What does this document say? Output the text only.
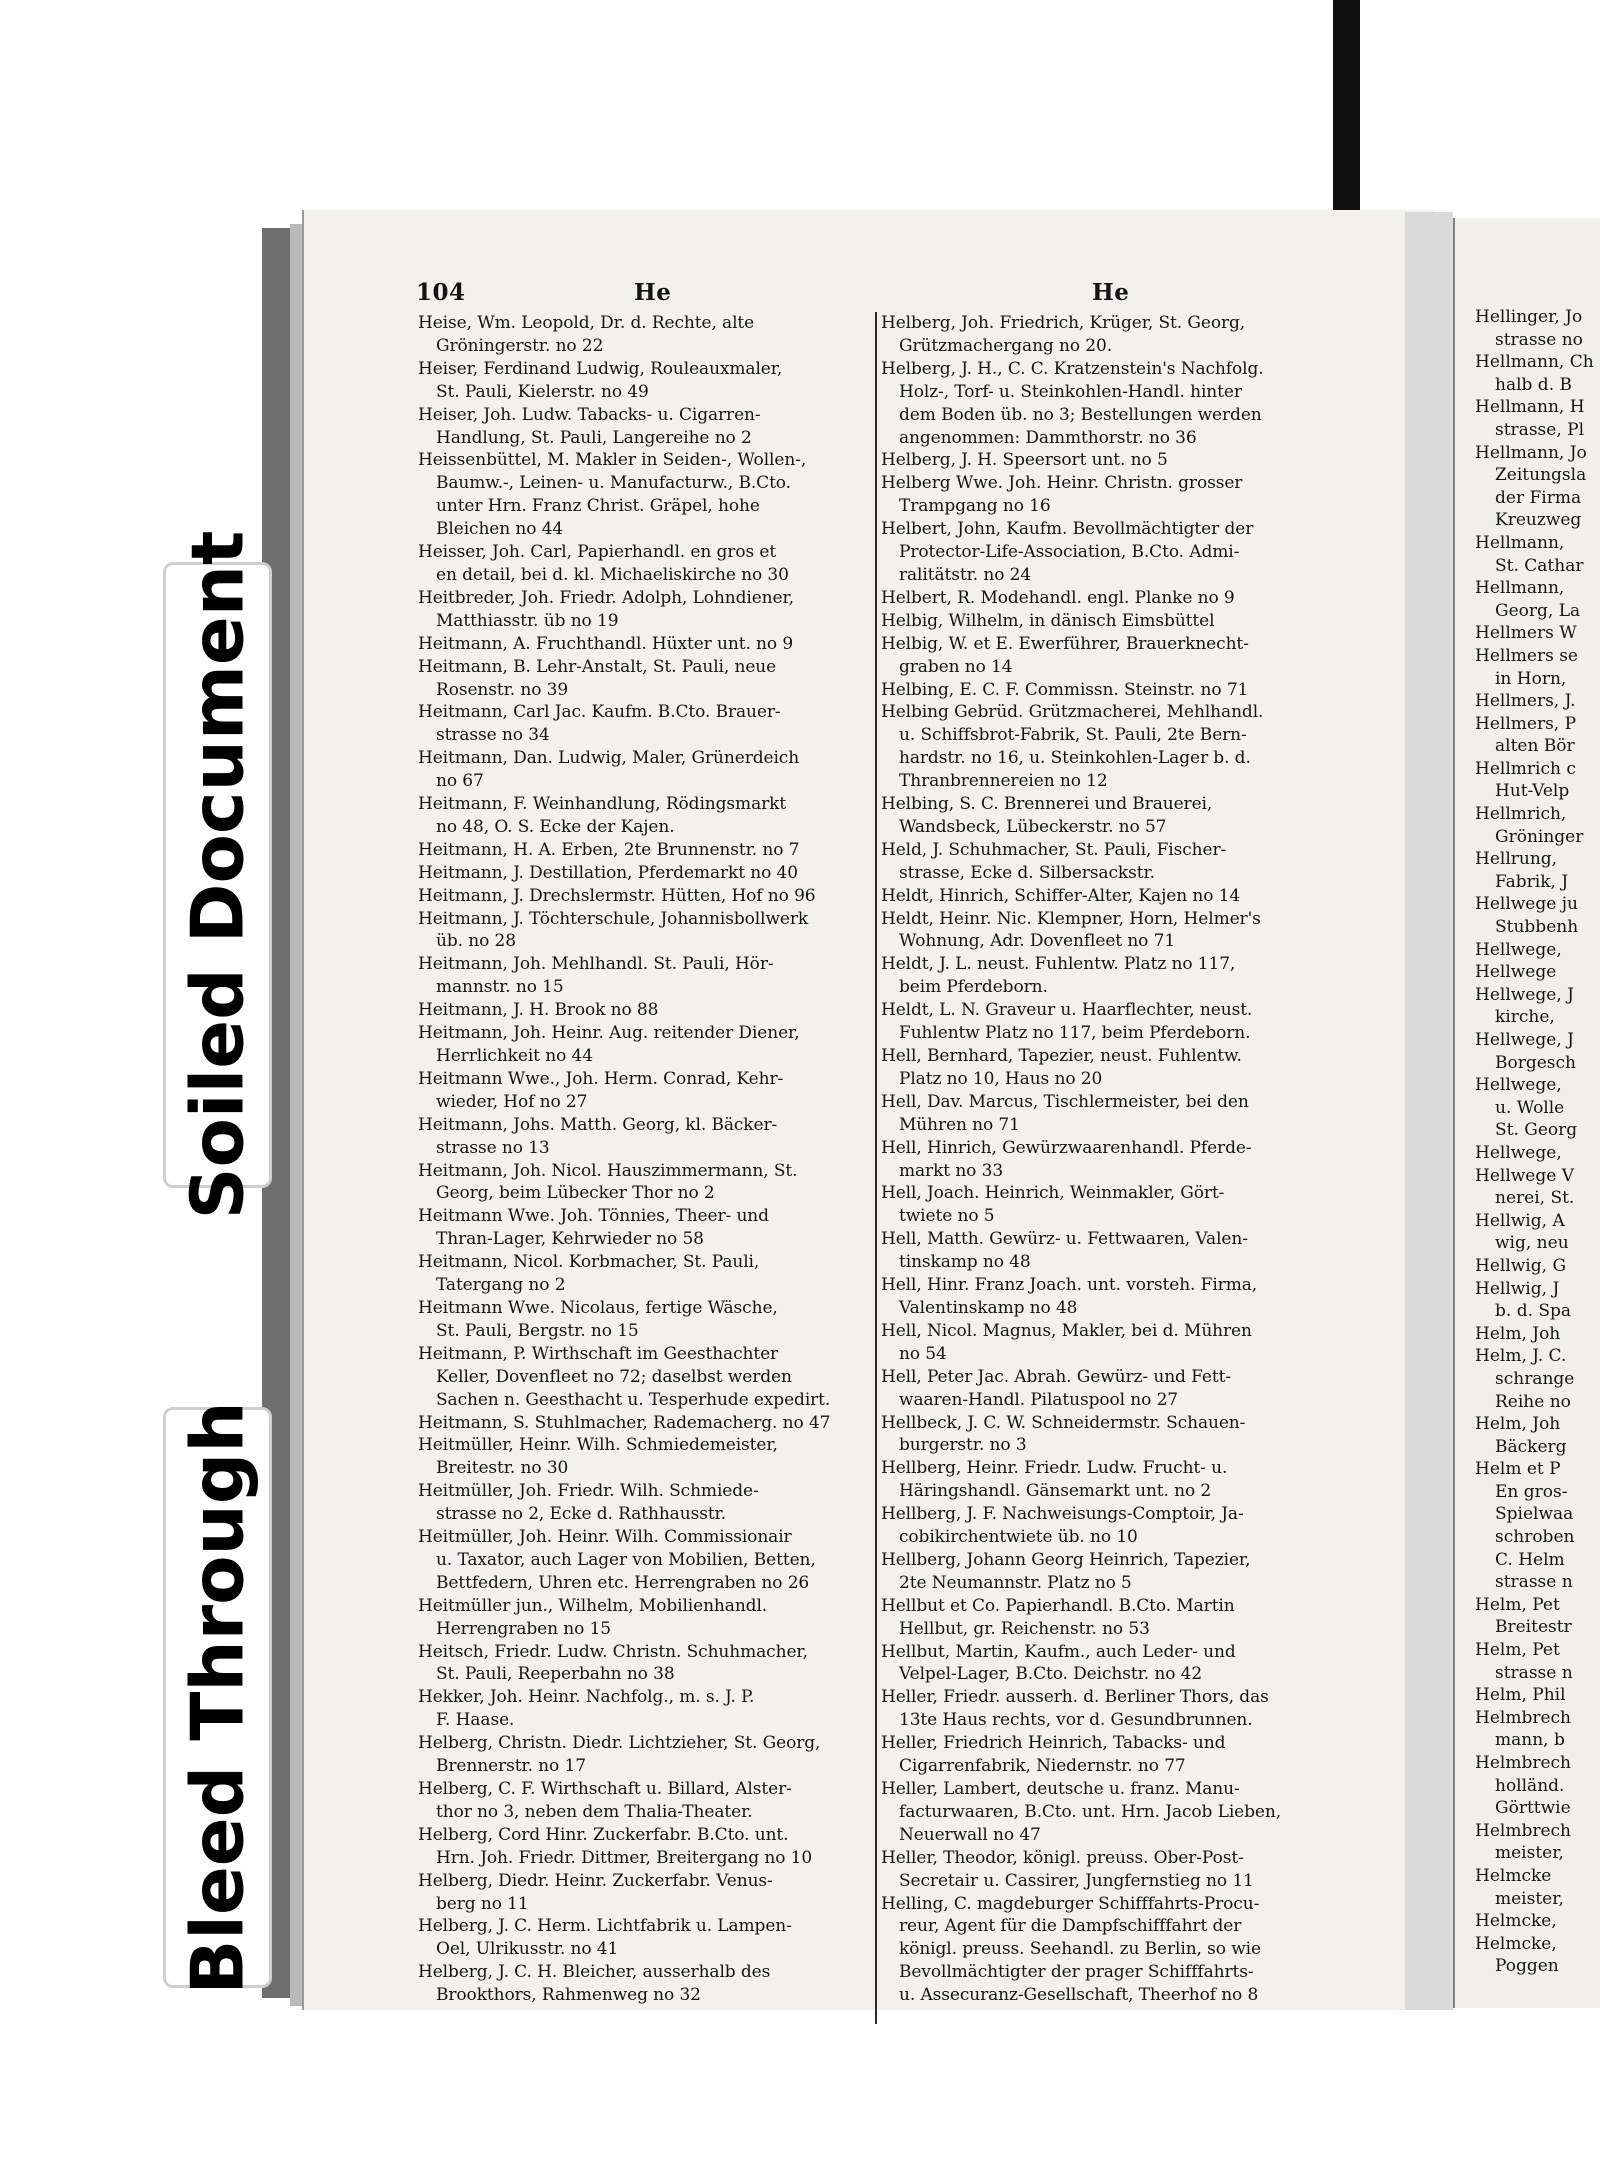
Soiled Document
Bleed Through
104	He	He
Heise, Wm. Leopold, Dr. d. Rechte, alte
Gröningerstr. no 22
Heiser, Ferdinand Ludwig, Rouleauxmaler,
St. Pauli, Kielerstr. no 49
Heiser, Joh. Ludw. Tabacks- u. Cigarren-
Handlung, St. Pauli, Langereihe no 2
Heissenbüttel, M. Makler in Seiden-, Wollen-,
Baumw.-, Leinen- u. Manufacturw., B.Cto.
unter Hrn. Franz Christ. Gräpel, hohe
Bleichen no 44
Heisser, Joh. Carl, Papierhandl. en gros et
en detail, bei d. kl. Michaeliskirche no 30
Heitbreder, Joh. Friedr. Adolph, Lohndiener,
Matthiasstr. üb no 19
Heitmann, A. Fruchthandl. Hüxter unt. no 9
Heitmann, B. Lehr-Anstalt, St. Pauli, neue
Rosenstr. no 39
Heitmann, Carl Jac. Kaufm. B.Cto. Brauer-
strasse no 34
Heitmann, Dan. Ludwig, Maler, Grünerdeich
no 67
Heitmann, F. Weinhandlung, Rödingsmarkt
no 48, O. S. Ecke der Kajen.
Heitmann, H. A. Erben, 2te Brunnenstr. no 7
Heitmann, J. Destillation, Pferdemarkt no 40
Heitmann, J. Drechslermstr. Hütten, Hof no 96
Heitmann, J. Töchterschule, Johannisbollwerk
üb. no 28
Heitmann, Joh. Mehlhandl. St. Pauli, Hör-
mannstr. no 15
Heitmann, J. H. Brook no 88
Heitmann, Joh. Heinr. Aug. reitender Diener,
Herrlichkeit no 44
Heitmann Wwe., Joh. Herm. Conrad, Kehr-
wieder, Hof no 27
Heitmann, Johs. Matth. Georg, kl. Bäcker-
strasse no 13
Heitmann, Joh. Nicol. Hauszimmermann, St.
Georg, beim Lübecker Thor no 2
Heitmann Wwe. Joh. Tönnies, Theer- und
Thran-Lager, Kehrwieder no 58
Heitmann, Nicol. Korbmacher, St. Pauli,
Tatergang no 2
Heitmann Wwe. Nicolaus, fertige Wäsche,
St. Pauli, Bergstr. no 15
Heitmann, P. Wirthschaft im Geesthachter
Keller, Dovenfleet no 72; daselbst werden
Sachen n. Geesthacht u. Tesperhude expedirt.
Heitmann, S. Stuhlmacher, Rademacherg. no 47
Heitmüller, Heinr. Wilh. Schmiedemeister,
Breitestr. no 30
Heitmüller, Joh. Friedr. Wilh. Schmiede-
strasse no 2, Ecke d. Rathhausstr.
Heitmüller, Joh. Heinr. Wilh. Commissionair
u. Taxator, auch Lager von Mobilien, Betten,
Bettfedern, Uhren etc. Herrengraben no 26
Heitmüller jun., Wilhelm, Mobilienhandl.
Herrengraben no 15
Heitsch, Friedr. Ludw. Christn. Schuhmacher,
St. Pauli, Reeperbahn no 38
Hekker, Joh. Heinr. Nachfolg., m. s. J. P.
F. Haase.
Helberg, Christn. Diedr. Lichtzieher, St. Georg,
Brennerstr. no 17
Helberg, C. F. Wirthschaft u. Billard, Alster-
thor no 3, neben dem Thalia-Theater.
Helberg, Cord Hinr. Zuckerfabr. B.Cto. unt.
Hrn. Joh. Friedr. Dittmer, Breitergang no 10
Helberg, Diedr. Heinr. Zuckerfabr. Venus-
berg no 11
Helberg, J. C. Herm. Lichtfabrik u. Lampen-
Oel, Ulrikusstr. no 41
Helberg, J. C. H. Bleicher, ausserhalb des
Brookthors, Rahmenweg no 32
Helberg, Joh. Friedrich, Krüger, St. Georg,
Grützmachergang no 20.
Helberg, J. H., C. C. Kratzenstein's Nachfolg.
Holz-, Torf- u. Steinkohlen-Handl. hinter
dem Boden üb. no 3; Bestellungen werden
angenommen: Dammthorstr. no 36
Helberg, J. H. Speersort unt. no 5
Helberg Wwe. Joh. Heinr. Christn. grosser
Trampgang no 16
Helbert, John, Kaufm. Bevollmächtigter der
Protector-Life-Association, B.Cto. Admi-
ralitätstr. no 24
Helbert, R. Modehandl. engl. Planke no 9
Helbig, Wilhelm, in dänisch Eimsbüttel
Helbig, W. et E. Ewerführer, Brauerknecht-
graben no 14
Helbing, E. C. F. Commissn. Steinstr. no 71
Helbing Gebrüd. Grützmacherei, Mehlhandl.
u. Schiffsbrot-Fabrik, St. Pauli, 2te Bern-
hardstr. no 16, u. Steinkohlen-Lager b. d.
Thranbrennereien no 12
Helbing, S. C. Brennerei und Brauerei,
Wandsbeck, Lübeckerstr. no 57
Held, J. Schuhmacher, St. Pauli, Fischer-
strasse, Ecke d. Silbersackstr.
Heldt, Hinrich, Schiffer-Alter, Kajen no 14
Heldt, Heinr. Nic. Klempner, Horn, Helmer's
Wohnung, Adr. Dovenfleet no 71
Heldt, J. L. neust. Fuhlentw. Platz no 117,
beim Pferdeborn.
Heldt, L. N. Graveur u. Haarflechter, neust.
Fuhlentw Platz no 117, beim Pferdeborn.
Hell, Bernhard, Tapezier, neust. Fuhlentw.
Platz no 10, Haus no 20
Hell, Dav. Marcus, Tischlermeister, bei den
Mühren no 71
Hell, Hinrich, Gewürzwaarenhandl. Pferde-
markt no 33
Hell, Joach. Heinrich, Weinmakler, Gört-
twiete no 5
Hell, Matth. Gewürz- u. Fettwaaren, Valen-
tinskamp no 48
Hell, Hinr. Franz Joach. unt. vorsteh. Firma,
Valentinskamp no 48
Hell, Nicol. Magnus, Makler, bei d. Mühren
no 54
Hell, Peter Jac. Abrah. Gewürz- und Fett-
waaren-Handl. Pilatuspool no 27
Hellbeck, J. C. W. Schneidermstr. Schauen-
burgerstr. no 3
Hellberg, Heinr. Friedr. Ludw. Frucht- u.
Häringshandl. Gänsemarkt unt. no 2
Hellberg, J. F. Nachweisungs-Comptoir, Ja-
cobikirchentwiete üb. no 10
Hellberg, Johann Georg Heinrich, Tapezier,
2te Neumannstr. Platz no 5
Hellbut et Co. Papierhandl. B.Cto. Martin
Hellbut, gr. Reichenstr. no 53
Hellbut, Martin, Kaufm., auch Leder- und
Velpel-Lager, B.Cto. Deichstr. no 42
Heller, Friedr. ausserh. d. Berliner Thors, das
13te Haus rechts, vor d. Gesundbrunnen.
Heller, Friedrich Heinrich, Tabacks- und
Cigarrenfabrik, Niedernstr. no 77
Heller, Lambert, deutsche u. franz. Manu-
facturwaaren, B.Cto. unt. Hrn. Jacob Lieben,
Neuerwall no 47
Heller, Theodor, königl. preuss. Ober-Post-
Secretair u. Cassirer, Jungfernstieg no 11
Helling, C. magdeburger Schifffahrts-Procu-
reur, Agent für die Dampfschifffahrt der
königl. preuss. Seehandl. zu Berlin, so wie
Bevollmächtigter der prager Schifffahrts-
u. Assecuranz-Gesellschaft, Theerhof no 8
Hellinger, Jo
strasse no
Hellmann, Ch
halb d. B
Hellmann, H
strasse, Pl
Hellmann, Jo
Zeitungsla
der Firma
Kreuzweg
Hellmann,
St. Cathar
Hellmann,
Georg, La
Hellmers W
Hellmers se
in Horn,
Hellmers, J.
Hellmers, P
alten Bör
Hellmrich c
Hut-Velp
Hellmrich,
Gröninger
Hellrung,
Fabrik, J
Hellwege ju
Stubbenh
Hellwege,
Hellwege
Hellwege, J
kirche,
Hellwege, J
Borgesch
Hellwege,
u. Wolle
St. Georg
Hellwege,
Hellwege V
nerei, St.
Hellwig, A
wig, neu
Hellwig, G
Hellwig, J
b. d. Spa
Helm, Joh
Helm, J. C.
schrange
Reihe no
Helm, Joh
Bäckerg
Helm et P
En gros-
Spielwaa
schroben
C. Helm
strasse n
Helm, Pet
Breitestr
Helm, Pet
strasse n
Helm, Phil
Helmbrech
mann, b
Helmbrech
holländ.
Görttwie
Helmbrech
meister,
Helmcke
meister,
Helmcke,
Helmcke,
Poggen
